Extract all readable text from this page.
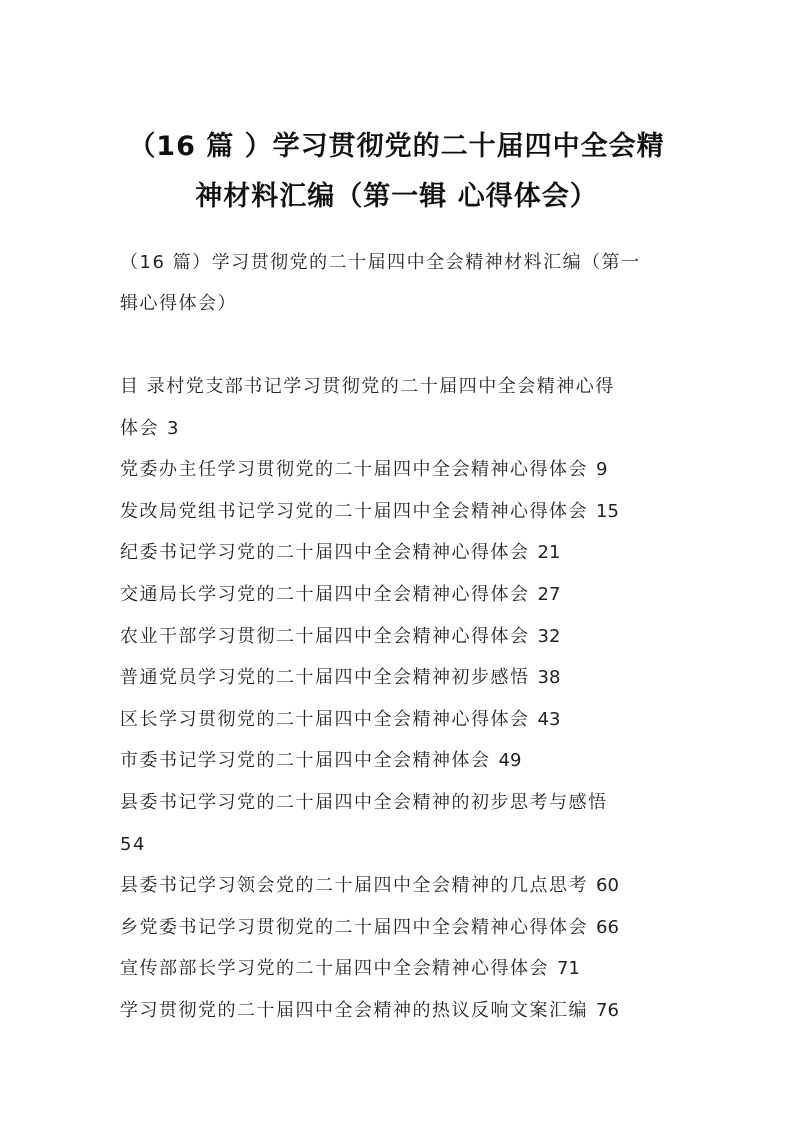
（16 篇 ）学习贯彻党的二十届四中全会精
神材料汇编（第一辑 心得体会）
（16 篇）学习贯彻党的二十届四中全会精神材料汇编（第一
辑心得体会）
目 录村党支部书记学习贯彻党的二十届四中全会精神心得
体会 3
党委办主任学习贯彻党的二十届四中全会精神心得体会 9
发改局党组书记学习党的二十届四中全会精神心得体会 15
纪委书记学习党的二十届四中全会精神心得体会 21
交通局长学习党的二十届四中全会精神心得体会 27
农业干部学习贯彻二十届四中全会精神心得体会 32
普通党员学习党的二十届四中全会精神初步感悟 38
区长学习贯彻党的二十届四中全会精神心得体会 43
市委书记学习党的二十届四中全会精神体会 49
县委书记学习党的二十届四中全会精神的初步思考与感悟
54
县委书记学习领会党的二十届四中全会精神的几点思考 60
乡党委书记学习贯彻党的二十届四中全会精神心得体会 66
宣传部部长学习党的二十届四中全会精神心得体会 71
学习贯彻党的二十届四中全会精神的热议反响文案汇编 76
